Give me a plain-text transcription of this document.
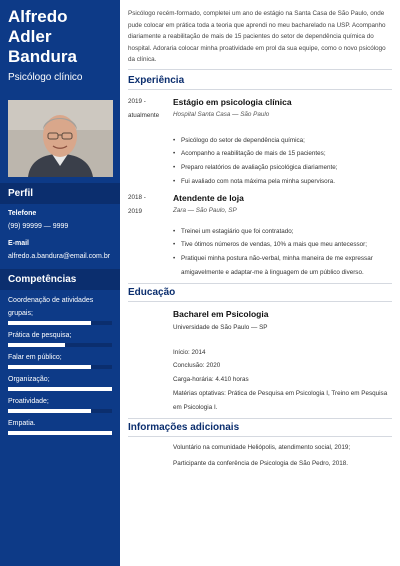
Alfredo
Adler
Bandura
Psicólogo clínico
Perfil
Telefone
(99) 99999 — 9999
E-mail
alfredo.a.bandura@email.com.br
Competências
Coordenação de atividades grupais;
Prática de pesquisa;
Falar em público;
Organização;
Proatividade;
Empatia.
Psicólogo recém-formado, completei um ano de estágio na Santa Casa de São Paulo, onde pude colocar em prática toda a teoria que aprendi no meu bacharelado na USP. Acompanho diariamente a reabilitação de mais de 15 pacientes do setor de dependência química do hospital. Adoraria colocar minha proatividade em prol da sua equipe, como o novo psicólogo da clínica.
Experiência
2019 -
atualmente
Estágio em psicologia clínica
Hospital Santa Casa — São Paulo
• Psicólogo do setor de dependência química;
• Acompanho a reabilitação de mais de 15 pacientes;
• Preparo relatórios de avaliação psicológica diariamente;
• Fui avaliado com nota máxima pela minha supervisora.
2018 -
2019
Atendente de loja
Zara — São Paulo, SP
• Treinei um estagiário que foi contratado;
• Tive ótimos números de vendas, 10% a mais que meu antecessor;
• Pratiquei minha postura não-verbal, minha maneira de me expressar amigavelmente e adaptar-me à linguagem de um público diverso.
Educação
Bacharel em Psicologia
Universidade de São Paulo — SP
Início: 2014
Conclusão: 2020
Carga-horária: 4.410 horas
Matérias optativas: Prática de Pesquisa em Psicologia I, Treino em Pesquisa em Psicologia I.
Informações adicionais
Voluntário na comunidade Heliópolis, atendimento social, 2019;
Participante da conferência de Psicologia de São Pedro, 2018.
